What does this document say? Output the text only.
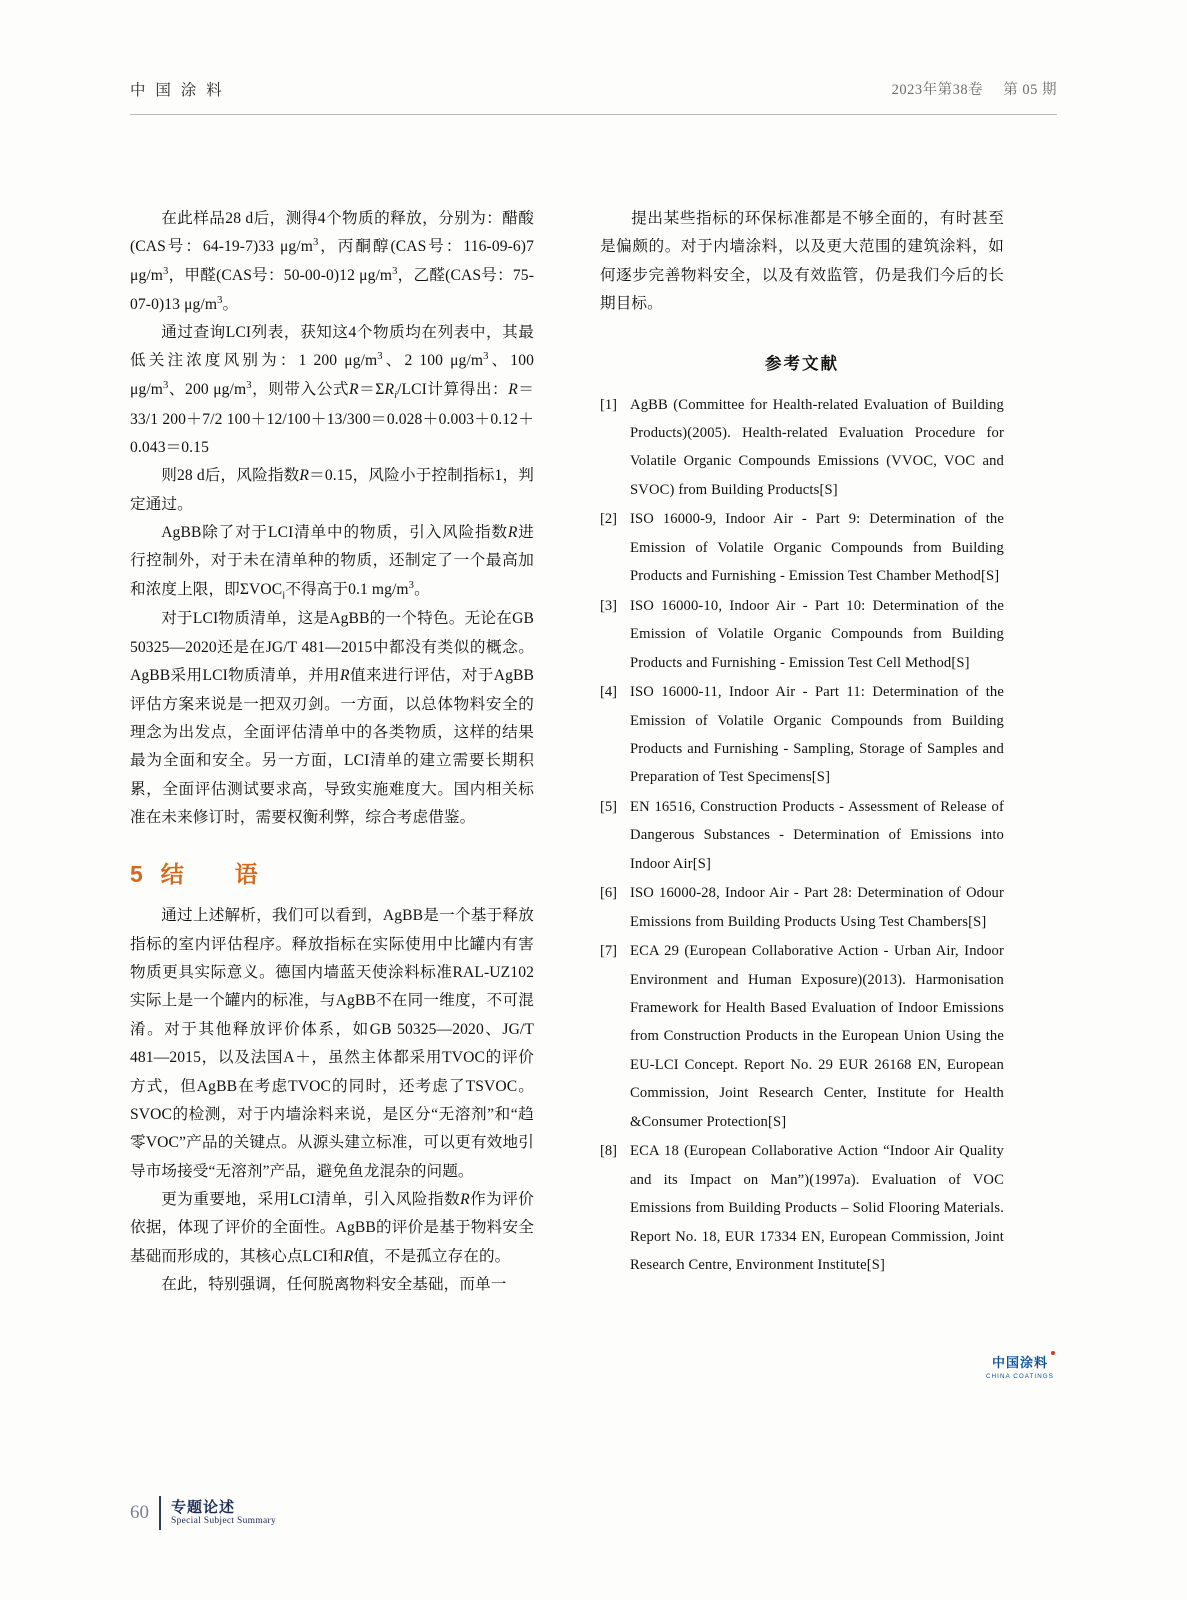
中 国 涂 料	2023年第38卷 第 05 期

在此样品28 d后，测得4个物质的释放，分别为：醋酸(CAS号：64-19-7)33 $\mu g/m^3$，丙酮醇(CAS号：116-09-6)7 $\mu g/m^3$，甲醛(CAS号：50-00-0)12 $\mu g/m^3$，乙醛(CAS号：75-07-0)13 $\mu g/m^3$。

通过查询LCI列表，获知这4个物质均在列表中，其最低关注浓度风别为：1 200 $\mu g/m^3$、2 100 $\mu g/m^3$、100 $\mu g/m^3$、200 $\mu g/m^3$，则带入公式$R=\Sigma R_i$/LCI计算得出：R＝33/1 200＋7/2 100＋12/100＋13/300＝0.028＋0.003＋0.12＋0.043＝0.15

则28 d后，风险指数R＝0.15，风险小于控制指标1，判定通过。

AgBB除了对于LCI清单中的物质，引入风险指数R进行控制外，对于未在清单种的物质，还制定了一个最高加和浓度上限，即$\Sigma VOC_i$不得高于0.1 $mg/m^3$。

对于LCI物质清单，这是AgBB的一个特色。无论在GB 50325—2020还是在JG/T 481—2015中都没有类似的概念。AgBB采用LCI物质清单，并用R值来进行评估，对于AgBB评估方案来说是一把双刃剑。一方面，以总体物料安全的理念为出发点，全面评估清单中的各类物质，这样的结果最为全面和安全。另一方面，LCI清单的建立需要长期积累，全面评估测试要求高，导致实施难度大。国内相关标准在未来修订时，需要权衡利弊，综合考虑借鉴。

5 结　语

通过上述解析，我们可以看到，AgBB是一个基于释放指标的室内评估程序。释放指标在实际使用中比罐内有害物质更具实际意义。德国内墙蓝天使涂料标准RAL-UZ102实际上是一个罐内的标准，与AgBB不在同一维度，不可混淆。对于其他释放评价体系，如GB 50325—2020、JG/T 481—2015，以及法国A＋，虽然主体都采用TVOC的评价方式，但AgBB在考虑TVOC的同时，还考虑了TSVOC。SVOC的检测，对于内墙涂料来说，是区分“无溶剂”和“趋零VOC”产品的关键点。从源头建立标准，可以更有效地引导市场接受“无溶剂”产品，避免鱼龙混杂的问题。

更为重要地，采用LCI清单，引入风险指数R作为评价依据，体现了评价的全面性。AgBB的评价是基于物料安全基础而形成的，其核心点LCI和R值，不是孤立存在的。

在此，特别强调，任何脱离物料安全基础，而单一

提出某些指标的环保标准都是不够全面的，有时甚至是偏颇的。对于内墙涂料，以及更大范围的建筑涂料，如何逐步完善物料安全，以及有效监管，仍是我们今后的长期目标。

参考文献
[1] AgBB (Committee for Health-related Evaluation of Building Products)(2005). Health-related Evaluation Procedure for Volatile Organic Compounds Emissions (VVOC, VOC and SVOC) from Building Products[S]
[2] ISO 16000-9, Indoor Air - Part 9: Determination of the Emission of Volatile Organic Compounds from Building Products and Furnishing - Emission Test Chamber Method[S]
[3] ISO 16000-10, Indoor Air - Part 10: Determination of the Emission of Volatile Organic Compounds from Building Products and Furnishing - Emission Test Cell Method[S]
[4] ISO 16000-11, Indoor Air - Part 11: Determination of the Emission of Volatile Organic Compounds from Building Products and Furnishing - Sampling, Storage of Samples and Preparation of Test Specimens[S]
[5] EN 16516, Construction Products - Assessment of Release of Dangerous Substances - Determination of Emissions into Indoor Air[S]
[6] ISO 16000-28, Indoor Air - Part 28: Determination of Odour Emissions from Building Products Using Test Chambers[S]
[7] ECA 29 (European Collaborative Action - Urban Air, Indoor Environment and Human Exposure)(2013). Harmonisation Framework for Health Based Evaluation of Indoor Emissions from Construction Products in the European Union Using the EU-LCI Concept. Report No. 29 EUR 26168 EN, European Commission, Joint Research Center, Institute for Health &Consumer Protection[S]
[8] ECA 18 (European Collaborative Action “Indoor Air Quality and its Impact on Man”)(1997a). Evaluation of VOC Emissions from Building Products – Solid Flooring Materials. Report No. 18, EUR 17334 EN, European Commission, Joint Research Centre, Environment Institute[S]
中国涂料
CHINA COATINGS
60 专题论述
Special Subject Summary
